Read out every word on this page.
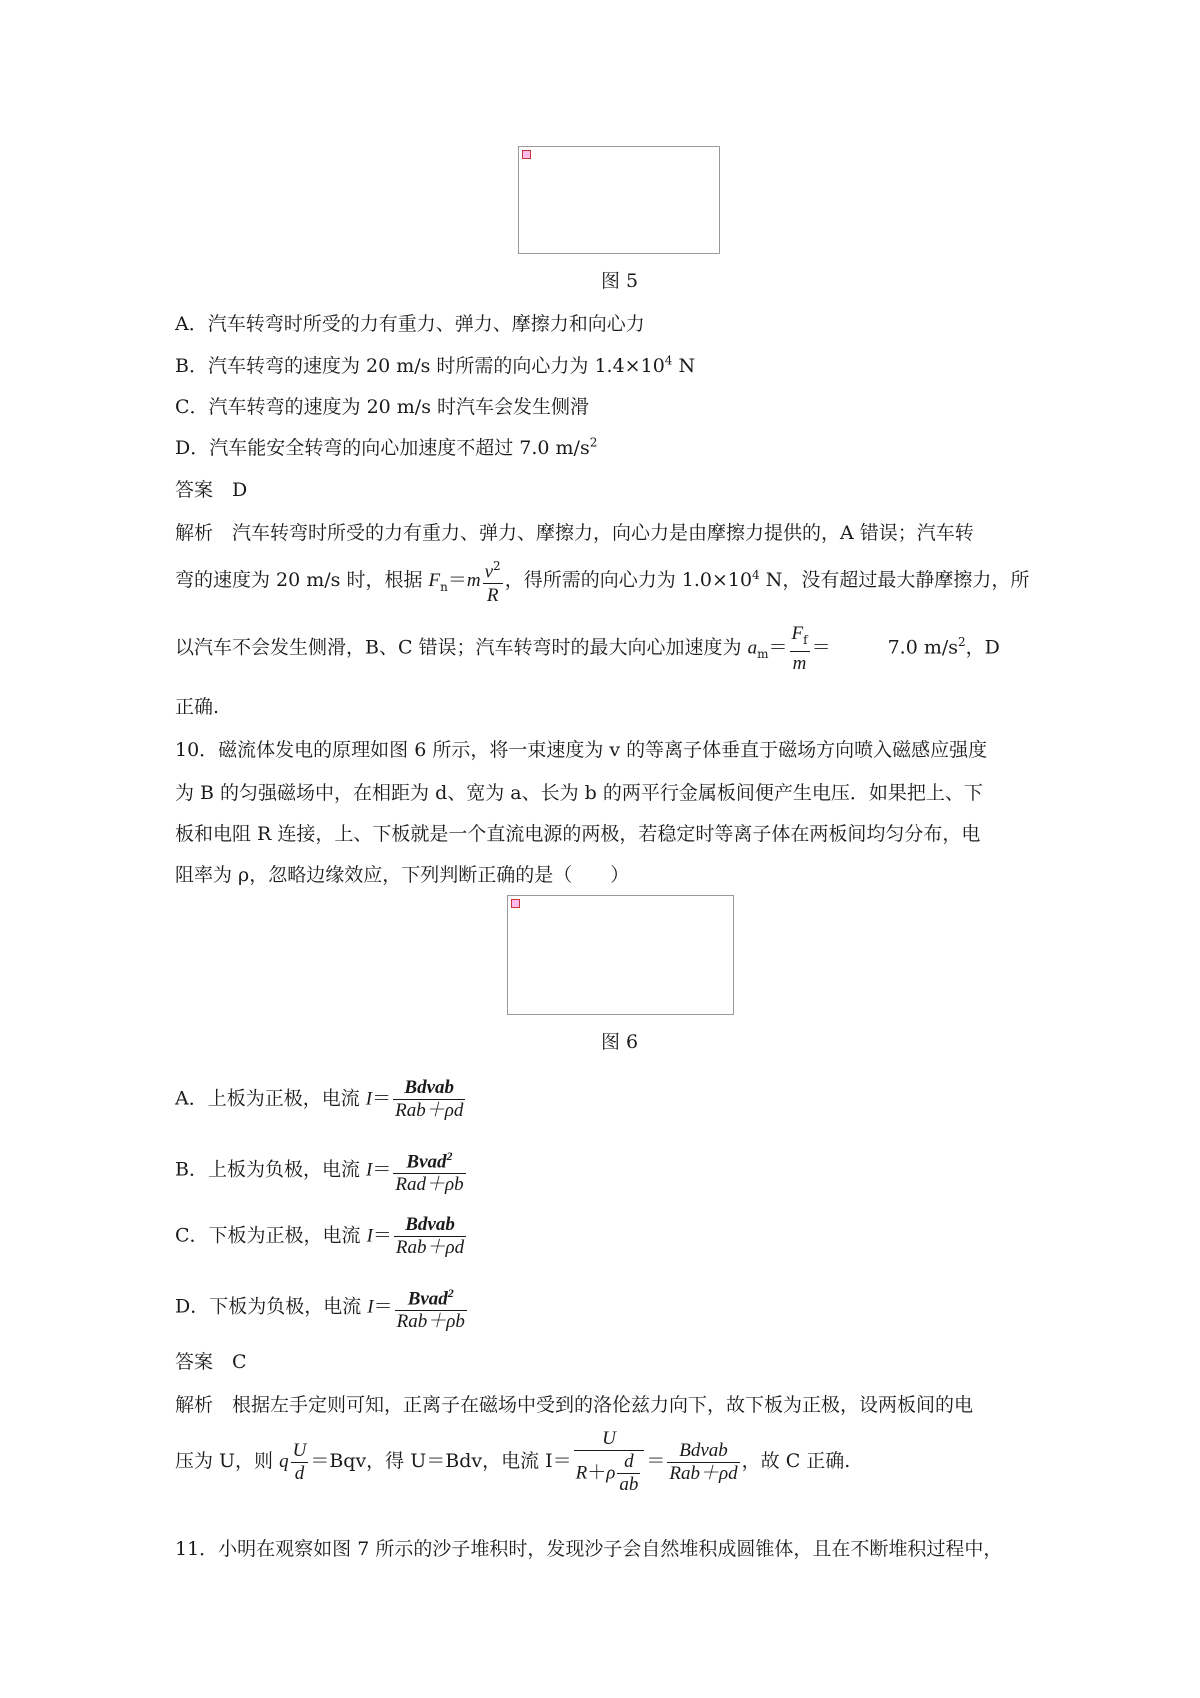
图 5
A．汽车转弯时所受的力有重力、弹力、摩擦力和向心力
B．汽车转弯的速度为 20 m/s 时所需的向心力为 $1.4\times 10^4$ N
C．汽车转弯的速度为 20 m/s 时汽车会发生侧滑
D．汽车能安全转弯的向心加速度不超过 7.0 $m/s^2$
答案　 D
解析　 汽车转弯时所受的力有重力、弹力、摩擦力，向心力是由摩擦力提供的，A 错误；汽车转
弯的速度为 20 m/s 时，根据 $F_n=m \frac{v^2}{R}$ ，得所需的向心力为 $1.0\times 10^4$ N，没有超过最大静摩擦力，所
以汽车不会发生侧滑，B、C 错误；汽车转弯时的最大向心加速度为 $a_m= \frac{F_f}{m}$ ＝　　　7.0 $m/s^2$，D
正确.
10．磁流体发电的原理如图 6 所示，将一束速度为 v 的等离子体垂直于磁场方向喷入磁感应强度
为 B 的匀强磁场中，在相距为 d、宽为 a、长为 b 的两平行金属板间便产生电压．如果把上、下
板和电阻 R 连接，上、下板就是一个直流电源的两极，若稳定时等离子体在两板间均匀分布，电
阻率为 ρ，忽略边缘效应，下列判断正确的是（　　）
图 6
A．上板为正极，电流 $I= \frac{\text{Bdvab}}{\text{Rab＋ρd}}$
B．上板为负极，电流 $I= \frac{Bvad^2}{\text{Rad＋ρb}}$
C．下板为正极，电流 $I= \frac{\text{Bdvab}}{\text{Rab＋ρd}}$
D．下板为负极，电流 $I= \frac{Bvad^2}{\text{Rab＋ρb}}$
答案　 C
解析　 根据左手定则可知，正离子在磁场中受到的洛伦兹力向下，故下板为正极，设两板间的电
压为 U，则 q $\frac{U}{d} =Bqv$，得 U＝Bdv，电流 I＝  $\frac{U}{R+\rho \frac{d}{ab}} = \frac{\text{Bdvab}}{\text{Rab＋ρd}}$ ，故 C 正确.
11．小明在观察如图 7 所示的沙子堆积时，发现沙子会自然堆积成圆锥体，且在不断堆积过程中，
